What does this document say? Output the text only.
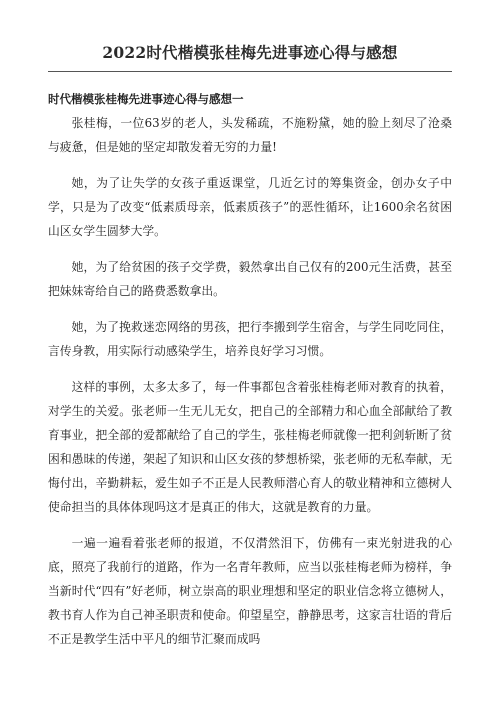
2022时代楷模张桂梅先进事迹心得与感想
时代楷模张桂梅先进事迹心得与感想一

张桂梅，一位63岁的老人，头发稀疏，不施粉黛，她的脸上刻尽了沧桑与疲惫，但是她的坚定却散发着无穷的力量!

她，为了让失学的女孩子重返课堂，几近乞讨的筹集资金，创办女子中学，只是为了改变“低素质母亲，低素质孩子”的恶性循环，让1600余名贫困山区女学生圆梦大学。

她，为了给贫困的孩子交学费，毅然拿出自己仅有的200元生活费，甚至把妹妹寄给自己的路费悉数拿出。

她，为了挽救迷恋网络的男孩，把行李搬到学生宿舍，与学生同吃同住，言传身教，用实际行动感染学生，培养良好学习习惯。

这样的事例，太多太多了，每一件事都包含着张桂梅老师对教育的执着，对学生的关爱。张老师一生无儿无女，把自己的全部精力和心血全部献给了教育事业，把全部的爱都献给了自己的学生，张桂梅老师就像一把利剑斩断了贫困和愚昧的传递，架起了知识和山区女孩的梦想桥梁，张老师的无私奉献，无悔付出，辛勤耕耘，爱生如子不正是人民教师潜心育人的敬业精神和立德树人使命担当的具体体现吗这才是真正的伟大，这就是教育的力量。

一遍一遍看着张老师的报道，不仅潸然泪下，仿佛有一束光射进我的心底，照亮了我前行的道路，作为一名青年教师，应当以张桂梅老师为榜样，争当新时代“四有”好老师，树立崇高的职业理想和坚定的职业信念将立德树人，教书育人作为自己神圣职责和使命。仰望星空，静静思考，这家言壮语的背后不正是教学生活中平凡的细节汇聚而成吗
